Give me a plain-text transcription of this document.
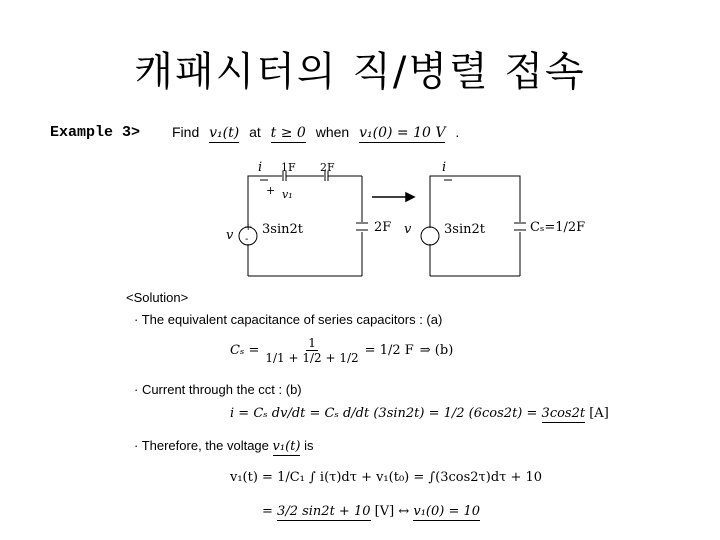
캐패시터의 직/병렬 접속
Example 3> Find v₁(t) at t ≥ 0 when v₁(0) = 10 V .
i 1F 2F
+ v₁
+
-
v 3sin2t	2F
i
v	3sin2t	Cₛ=1/2F
<Solution>
· The equivalent capacitance of series capacitors : (a)
$C_s = \frac{1}{1/1 + 1/2 + 1/2} = 1/2$ F ⇒ (b)
· Current through the cct : (b)
i = Cₛ dv/dt = Cₛ d/dt (3sin2t) = 1/2 (6cos2t) = 3cos2t [A]
· Therefore, the voltage v₁(t) is
v₁(t) = 1/C₁ ∫ i(τ)dτ + v₁(t₀) = ∫(3cos2τ)dτ + 10
= 3/2 sin2t + 10 [V] ↔ v₁(0) = 10
